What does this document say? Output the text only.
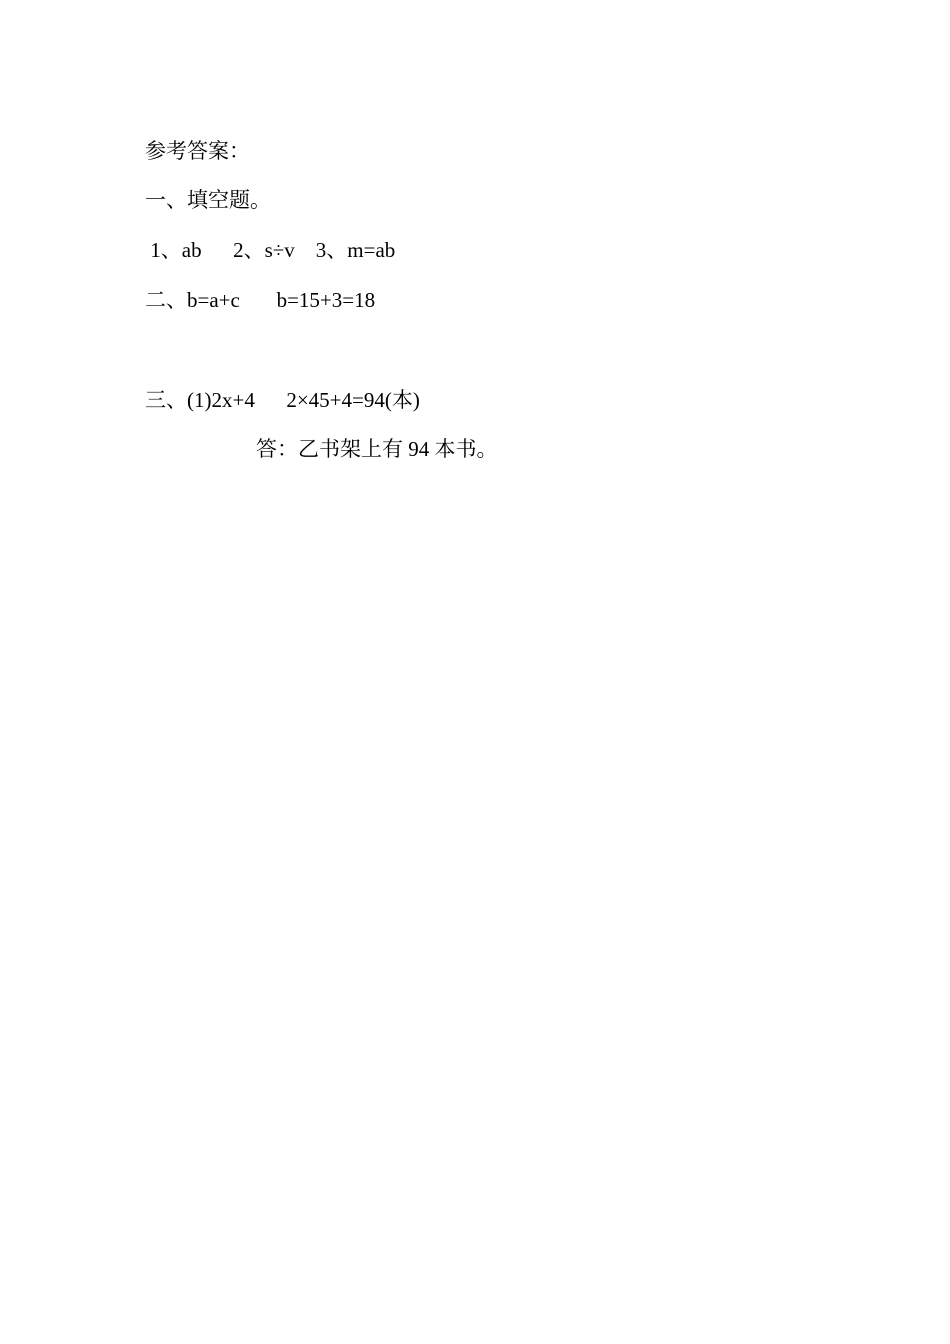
参考答案：
一、填空题。
1、ab      2、s÷v    3、m=ab
二、b=a+c       b=15+3=18
三、(1)2x+4      2×45+4=94(本)
答：乙书架上有 94 本书。
